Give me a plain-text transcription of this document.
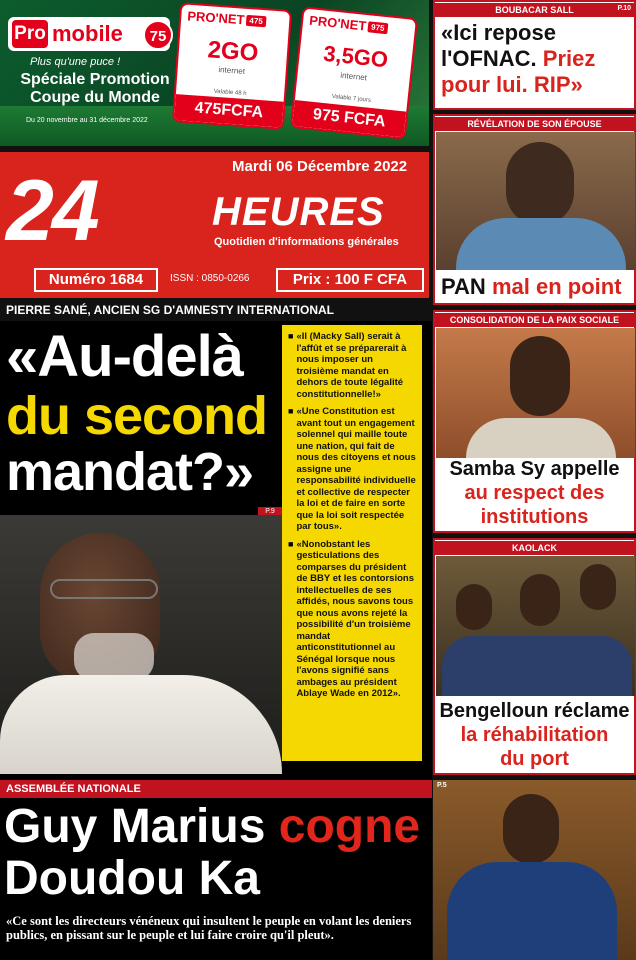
Pro mobile	75
Plus qu'une puce !
Spéciale Promotion Coupe du Monde
Du 20 novembre au 31 décembre 2022
PRO'NET 475
2GO
internet
Valable 48 h
475FCFA
PRO'NET 975
3,5GO
internet
Valable 7 jours
975 FCFA
Mardi 06 Décembre 2022
24	HEURES
Quotidien d'informations générales
Numéro 1684	ISSN : 0850-0266	Prix : 100 F CFA
PIERRE SANÉ, ANCIEN SG D'AMNESTY INTERNATIONAL
«Au-delà
du second
mandat?»
P.9
■ «Il (Macky Sall) serait à l'affût et se préparerait à nous imposer un troisième mandat en dehors de toute légalité constitutionnelle!»
■ «Une Constitution est avant tout un engagement solennel qui maille toute une nation, qui fait de nous des citoyens et nous assigne une responsabilité individuelle et collective de respecter la loi et de faire en sorte que la loi soit respectée par tous».
■ «Nonobstant les gesticulations des comparses du président de BBY et les contorsions intellectuelles de ses affidés, nous savons tous que nous avons rejeté la possibilité d'un troisième mandat anticonstitutionnel au Sénégal lorsque nous l'avons signifié sans ambages au président Ablaye Wade en 2012».
ASSEMBLÉE NATIONALE
Guy Marius cogne
Doudou Ka
«Ce sont les directeurs vénéneux qui insultent le peuple en volant les deniers publics, en pissant sur le peuple et lui faire croire qu'il pleut».
BOUBACAR SALL	P.10
«Ici repose
l'OFNAC. Priez
pour lui. RIP»
RÉVÉLATION DE SON ÉPOUSE
PAN mal en point
CONSOLIDATION DE LA PAIX SOCIALE
Samba Sy appelle
au respect des
institutions
KAOLACK
Bengelloun réclame
la réhabilitation
du port
P.5
